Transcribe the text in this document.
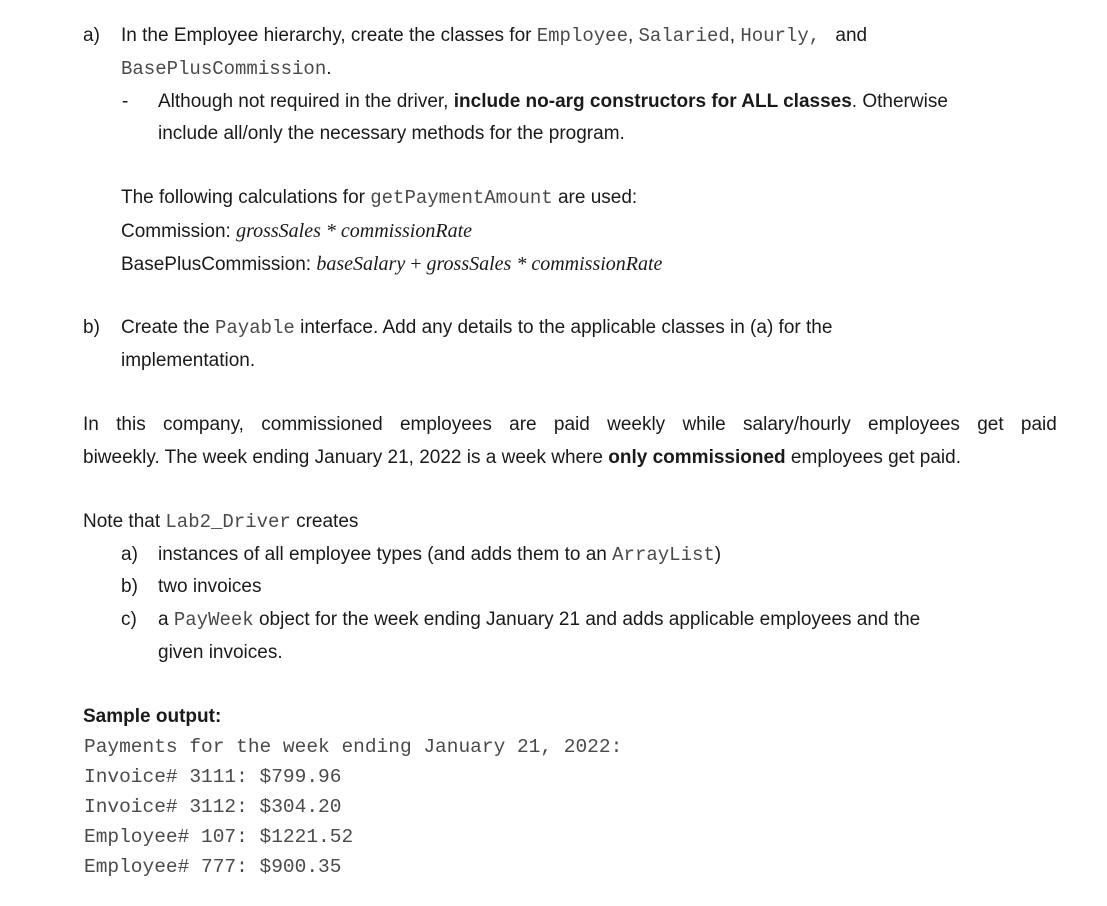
a) In the Employee hierarchy, create the classes for Employee, Salaried, Hourly, and
BasePlusCommission.
- Although not required in the driver, include no-arg constructors for ALL classes. Otherwise
include all/only the necessary methods for the program.
The following calculations for getPaymentAmount are used:
Commission: grossSales * commissionRate
BasePlusCommission: baseSalary + grossSales * commissionRate
b) Create the Payable interface. Add any details to the applicable classes in (a) for the
implementation.
In this company, commissioned employees are paid weekly while salary/hourly employees get paid
biweekly. The week ending January 21, 2022 is a week where only commissioned employees get paid.
Note that Lab2_Driver creates
a) instances of all employee types (and adds them to an ArrayList)
b) two invoices
c) a PayWeek object for the week ending January 21 and adds applicable employees and the
given invoices.
Sample output:
Payments for the week ending January 21, 2022:
Invoice# 3111: $799.96
Invoice# 3112: $304.20
Employee# 107: $1221.52
Employee# 777: $900.35
